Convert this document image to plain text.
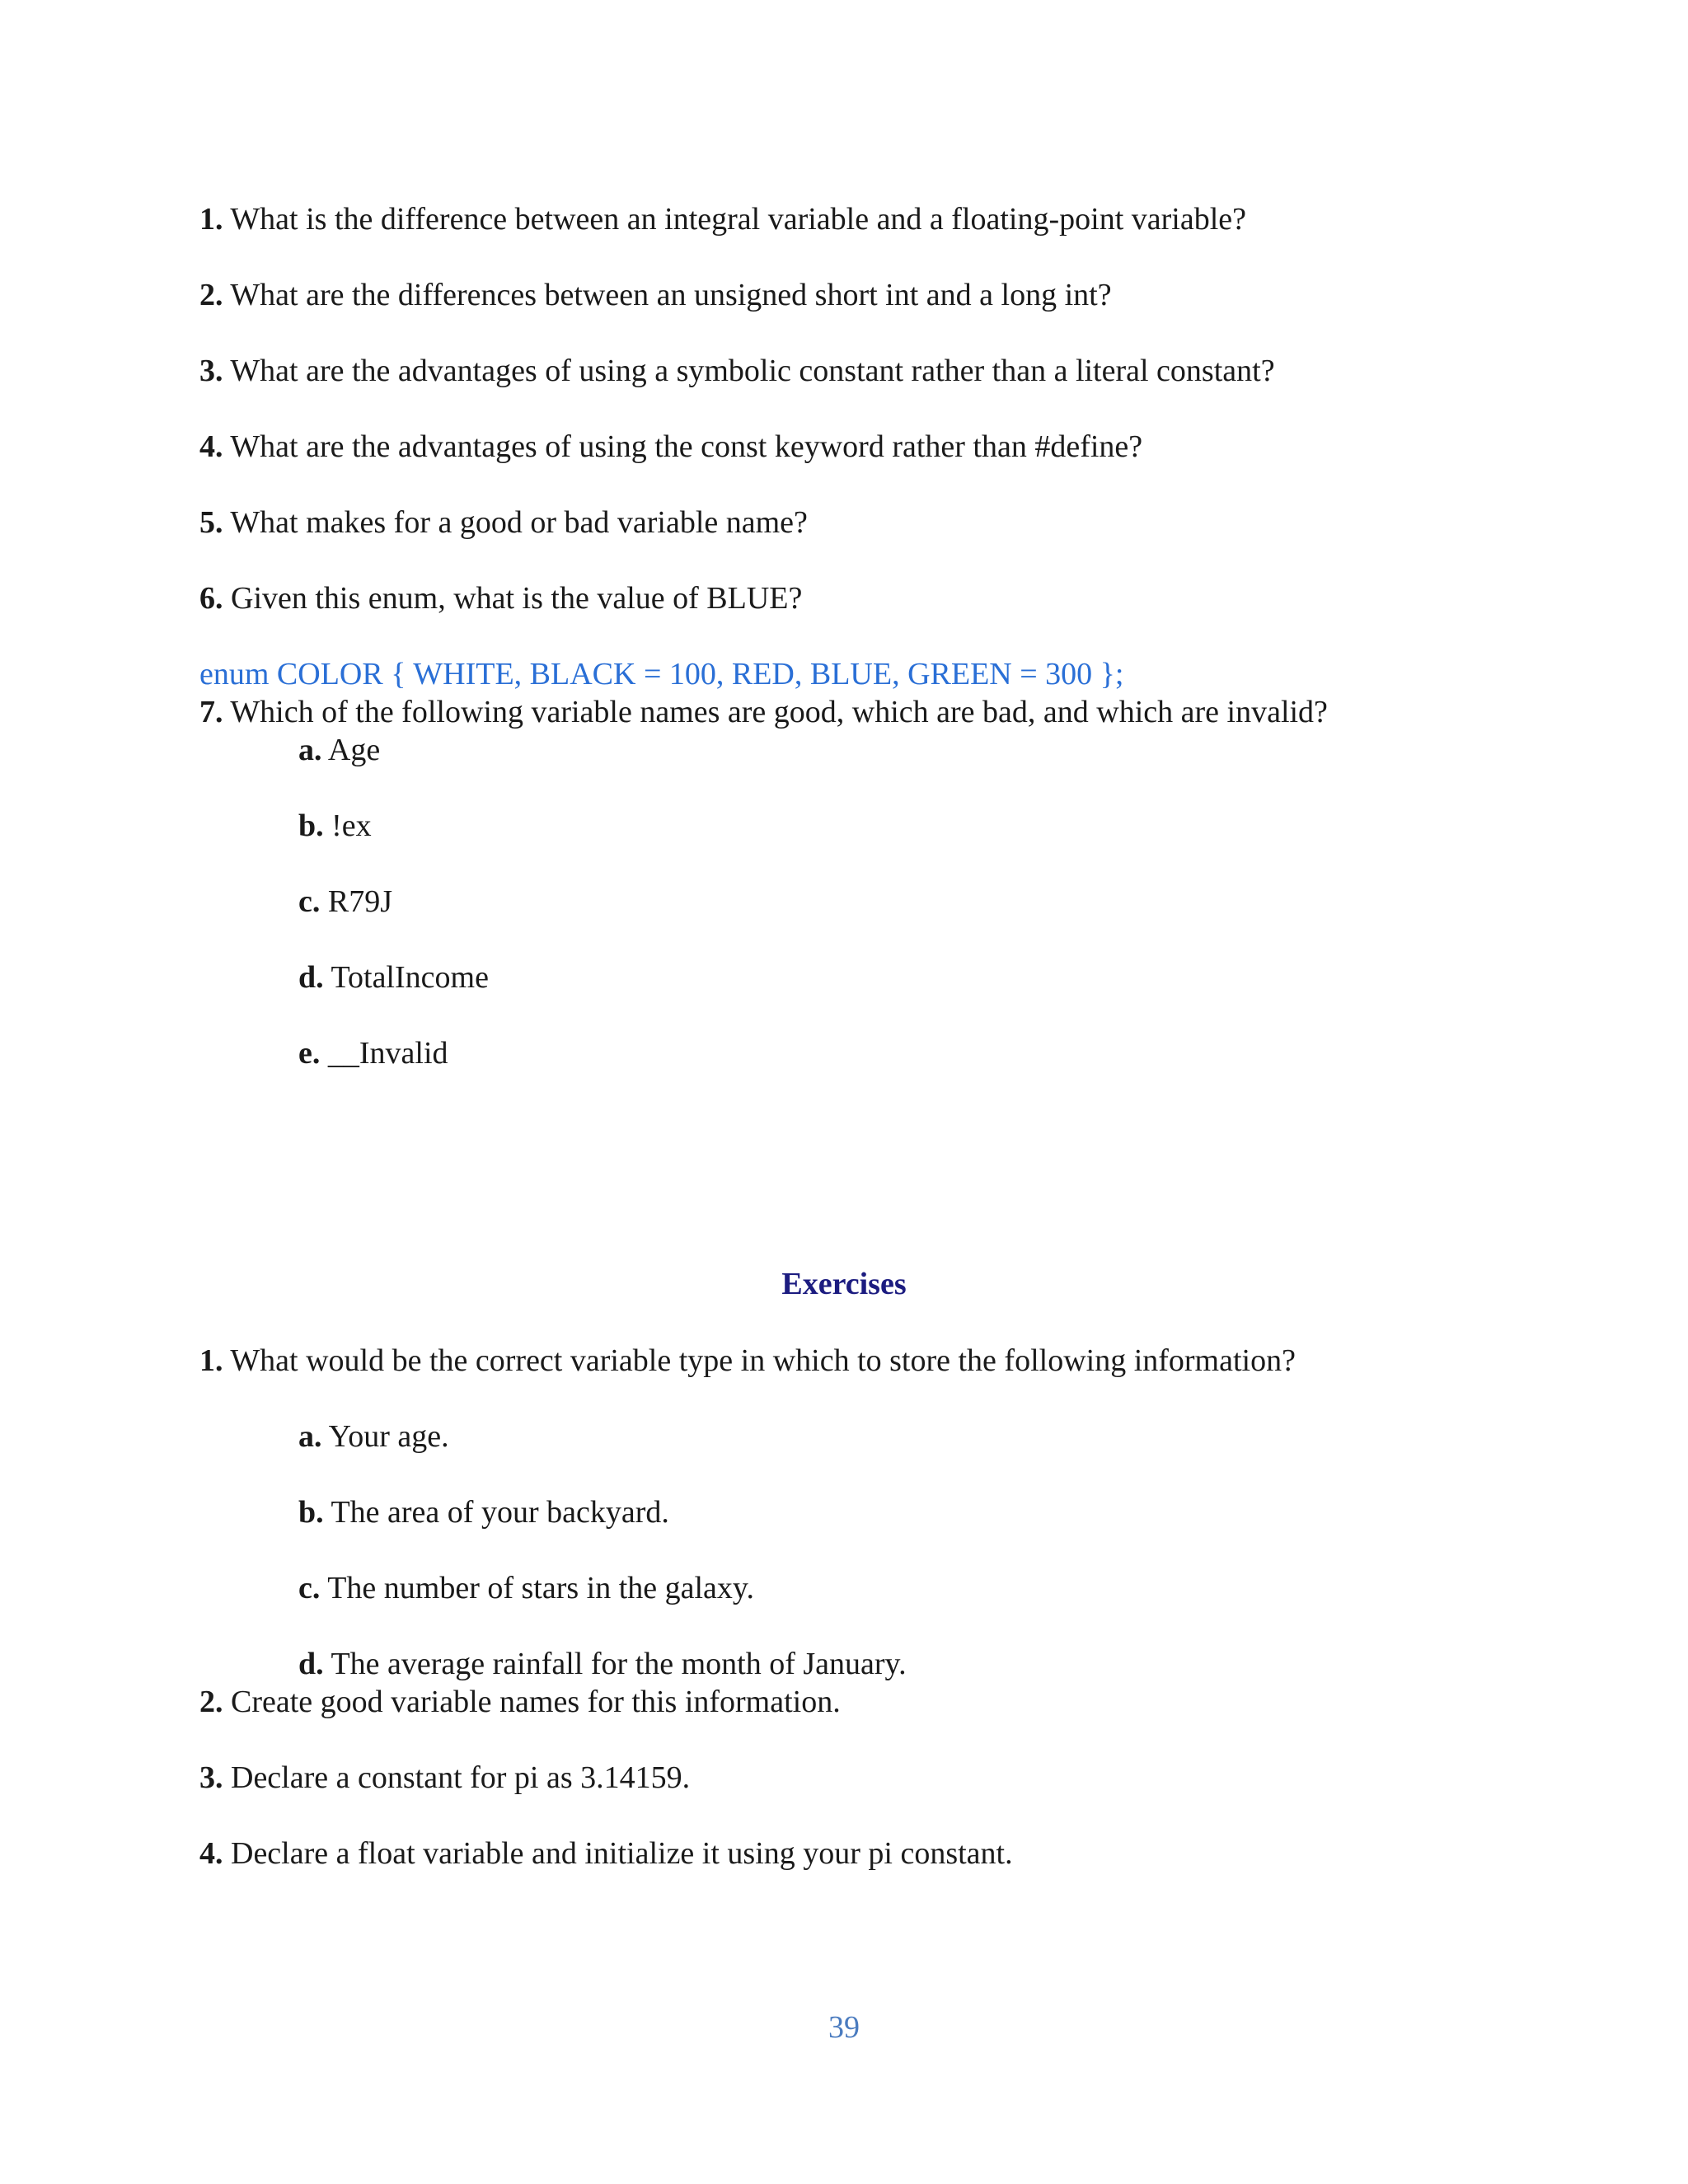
1. What is the difference between an integral variable and a floating-point variable?
2. What are the differences between an unsigned short int and a long int?
3. What are the advantages of using a symbolic constant rather than a literal constant?
4. What are the advantages of using the const keyword rather than #define?
5. What makes for a good or bad variable name?
6. Given this enum, what is the value of BLUE?
enum COLOR { WHITE, BLACK = 100, RED, BLUE, GREEN = 300 };
7. Which of the following variable names are good, which are bad, and which are invalid?
a. Age
b. !ex
c. R79J
d. TotalIncome
e. __Invalid
Exercises
1. What would be the correct variable type in which to store the following information?
a. Your age.
b. The area of your backyard.
c. The number of stars in the galaxy.
d. The average rainfall for the month of January.
2. Create good variable names for this information.
3. Declare a constant for pi as 3.14159.
4. Declare a float variable and initialize it using your pi constant.
39
